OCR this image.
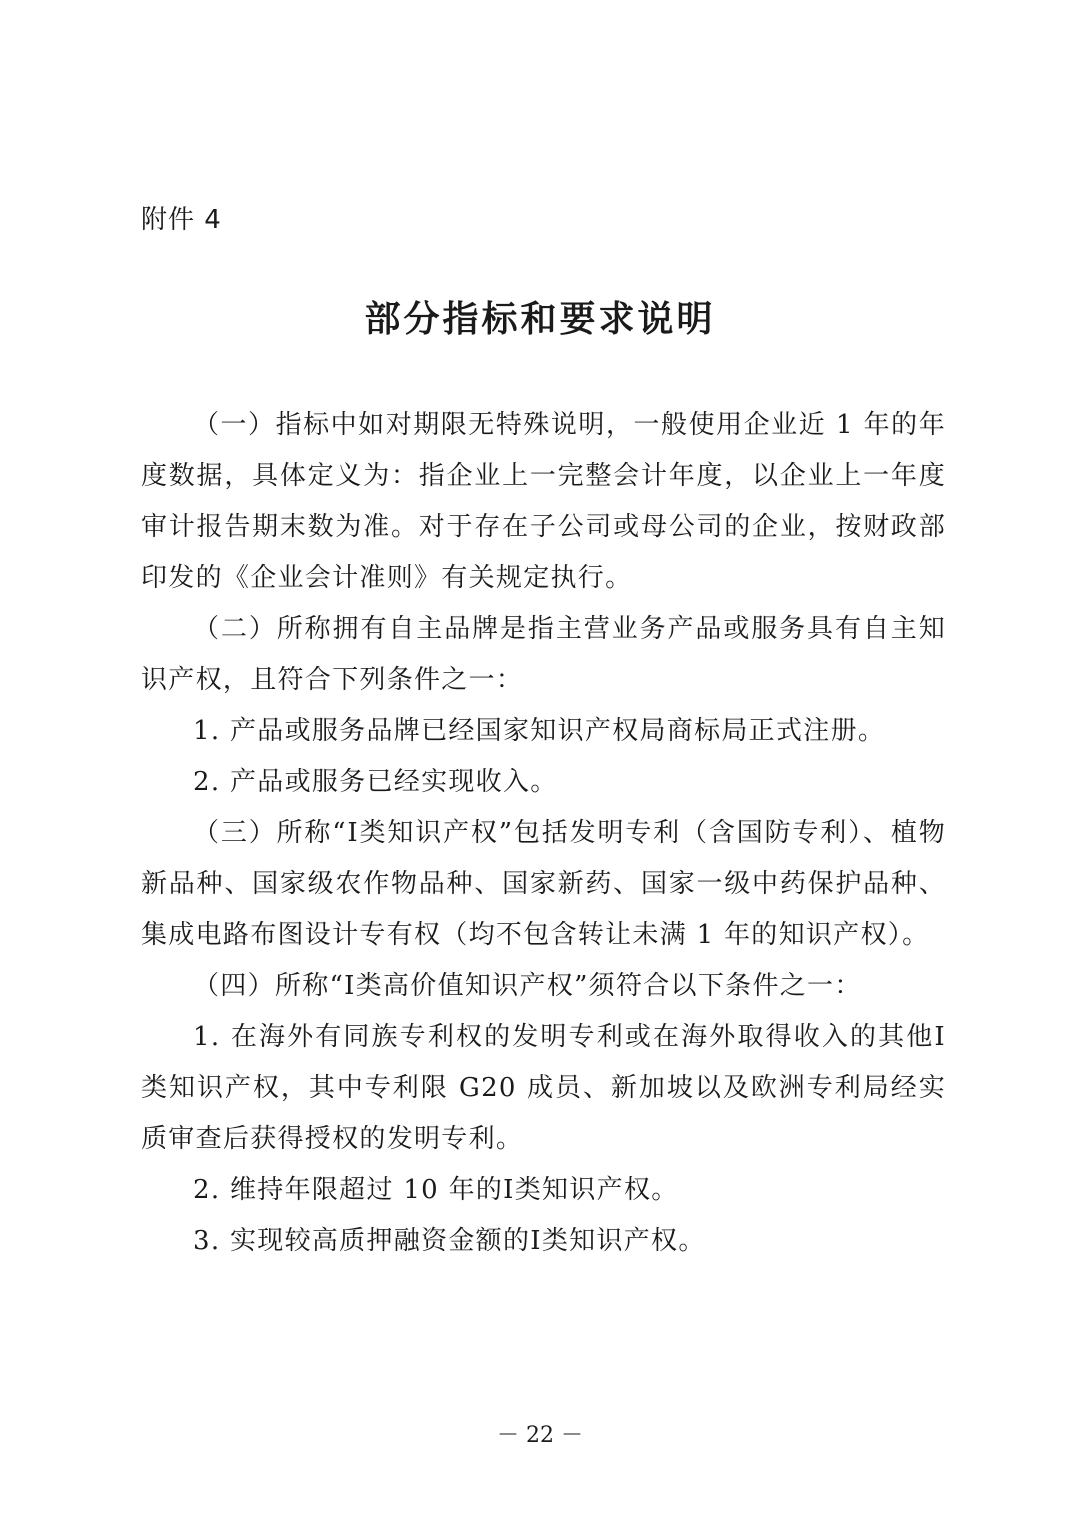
附件 4
部分指标和要求说明

（一）指标中如对期限无特殊说明，一般使用企业近 1 年的年度数据，具体定义为：指企业上一完整会计年度，以企业上一年度审计报告期末数为准。对于存在子公司或母公司的企业，按财政部印发的《企业会计准则》有关规定执行。

（二）所称拥有自主品牌是指主营业务产品或服务具有自主知识产权，且符合下列条件之一：

1. 产品或服务品牌已经国家知识产权局商标局正式注册。

2. 产品或服务已经实现收入。

（三）所称“Ⅰ类知识产权”包括发明专利（含国防专利）、植物新品种、国家级农作物品种、国家新药、国家一级中药保护品种、集成电路布图设计专有权（均不包含转让未满 1 年的知识产权）。

（四）所称“Ⅰ类高价值知识产权”须符合以下条件之一：

1. 在海外有同族专利权的发明专利或在海外取得收入的其他Ⅰ类知识产权，其中专利限 G20 成员、新加坡以及欧洲专利局经实质审查后获得授权的发明专利。

2. 维持年限超过 10 年的Ⅰ类知识产权。

3. 实现较高质押融资金额的Ⅰ类知识产权。

－ 22 －
